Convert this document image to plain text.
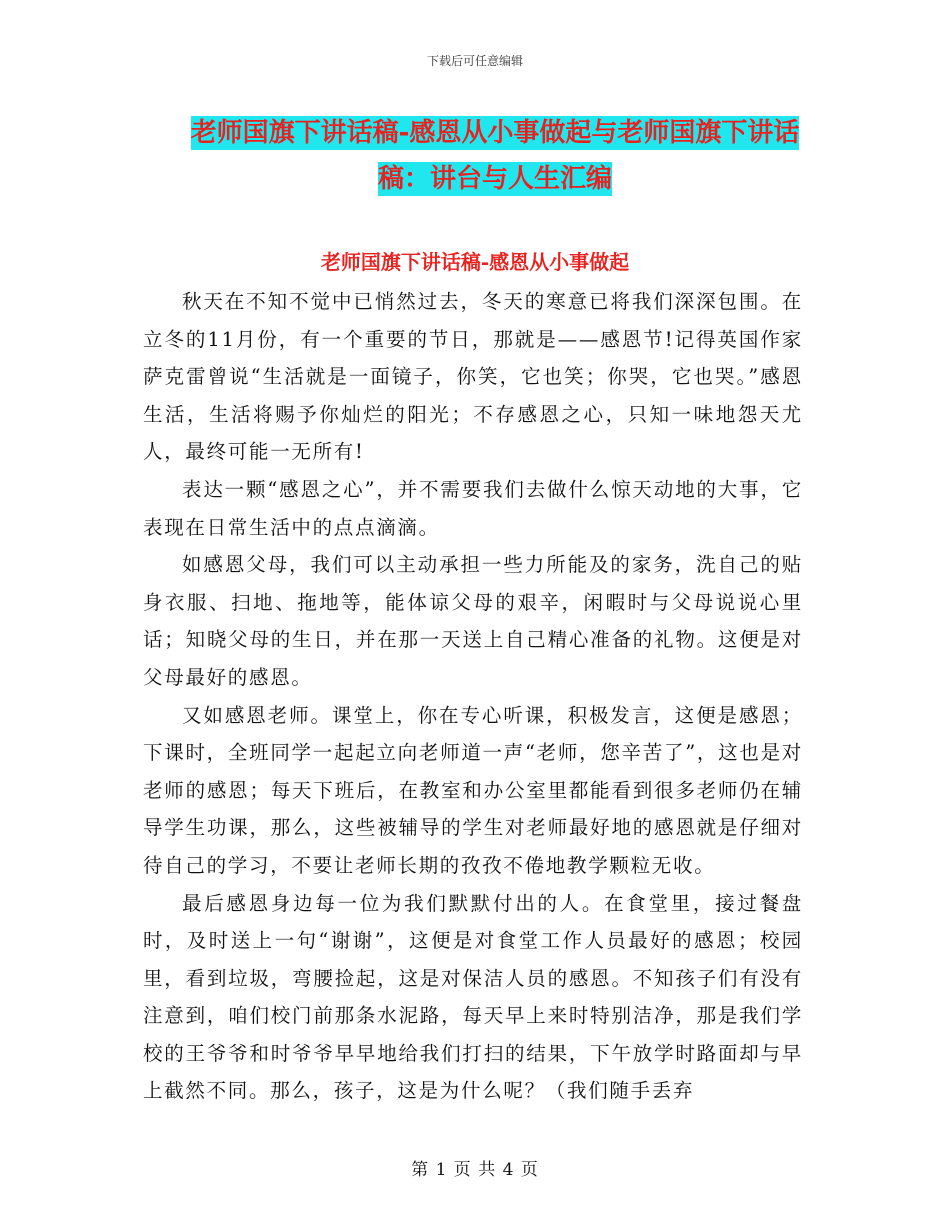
下载后可任意编辑
老师国旗下讲话稿-感恩从小事做起与老师国旗下讲话
稿：讲台与人生汇编
老师国旗下讲话稿-感恩从小事做起

秋天在不知不觉中已悄然过去，冬天的寒意已将我们深深包围。在立冬的11月份，有一个重要的节日，那就是——感恩节!记得英国作家萨克雷曾说“生活就是一面镜子，你笑，它也笑；你哭，它也哭。”感恩生活，生活将赐予你灿烂的阳光；不存感恩之心，只知一味地怨天尤人，最终可能一无所有!

表达一颗“感恩之心”，并不需要我们去做什么惊天动地的大事，它表现在日常生活中的点点滴滴。

如感恩父母，我们可以主动承担一些力所能及的家务，洗自己的贴身衣服、扫地、拖地等，能体谅父母的艰辛，闲暇时与父母说说心里话；知晓父母的生日，并在那一天送上自己精心准备的礼物。这便是对父母最好的感恩。

又如感恩老师。课堂上，你在专心听课，积极发言，这便是感恩；下课时，全班同学一起起立向老师道一声“老师，您辛苦了”，这也是对老师的感恩；每天下班后，在教室和办公室里都能看到很多老师仍在辅导学生功课，那么，这些被辅导的学生对老师最好地的感恩就是仔细对待自己的学习，不要让老师长期的孜孜不倦地教学颗粒无收。

最后感恩身边每一位为我们默默付出的人。在食堂里，接过餐盘时，及时送上一句“谢谢”，这便是对食堂工作人员最好的感恩；校园里，看到垃圾，弯腰捡起，这是对保洁人员的感恩。不知孩子们有没有注意到，咱们校门前那条水泥路，每天早上来时特别洁净，那是我们学校的王爷爷和时爷爷早早地给我们打扫的结果，下午放学时路面却与早上截然不同。那么，孩子，这是为什么呢？（我们随手丢弃

第 1 页 共 4 页
